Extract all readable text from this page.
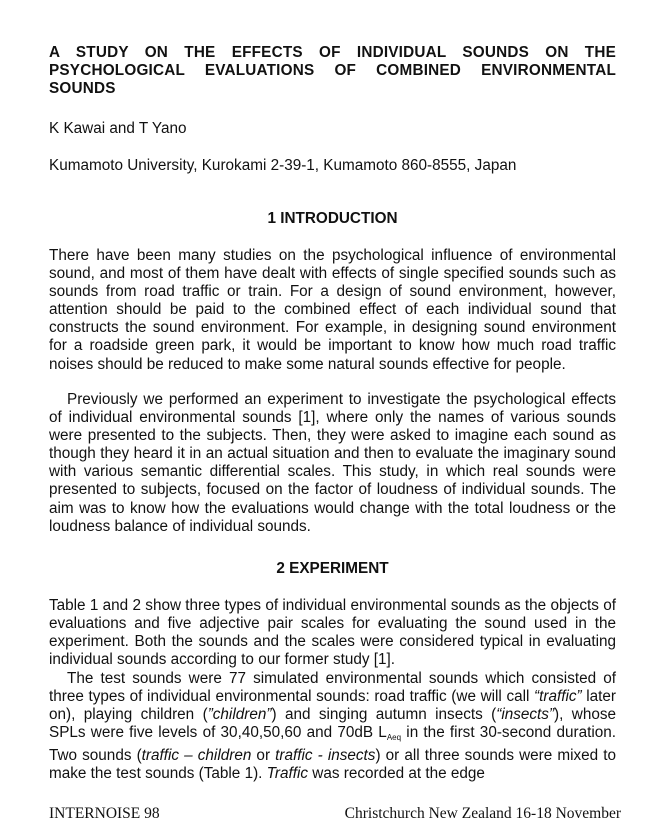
A STUDY ON THE EFFECTS OF INDIVIDUAL SOUNDS ON THE

PSYCHOLOGICAL EVALUATIONS OF COMBINED ENVIRONMENTAL

SOUNDS

K Kawai and T Yano
Kumamoto University, Kurokami 2-39-1, Kumamoto 860-8555, Japan
1 INTRODUCTION

There have been many studies on the psychological influence of environmental sound, and most of them have dealt with effects of single specified sounds such as sounds from road traffic or train. For a design of sound environment, however, attention should be paid to the combined effect of each individual sound that constructs the sound environment. For example, in designing sound environment for a roadside green park, it would be important to know how much road traffic noises should be reduced to make some natural sounds effective for people.

Previously we performed an experiment to investigate the psychological effects of individual environmental sounds [1], where only the names of various sounds were presented to the subjects. Then, they were asked to imagine each sound as though they heard it in an actual situation and then to evaluate the imaginary sound with various semantic differential scales. This study, in which real sounds were presented to subjects, focused on the factor of loudness of individual sounds. The aim was to know how the evaluations would change with the total loudness or the loudness balance of individual sounds.

2 EXPERIMENT

Table 1 and 2 show three types of individual environmental sounds as the objects of evaluations and five adjective pair scales for evaluating the sound used in the experiment. Both the sounds and the scales were considered typical in evaluating individual sounds according to our former study [1].

The test sounds were 77 simulated environmental sounds which consisted of three types of individual environmental sounds: road traffic (we will call “traffic” later on), playing children (”children”) and singing autumn insects (“insects”), whose SPLs were five levels of 30,40,50,60 and 70dB $L_{Aeq}$ in the first 30-second duration. Two sounds (traffic – children or traffic - insects) or all three sounds were mixed to make the test sounds (Table 1). Traffic was recorded at the edge

INTERNOISE 98	Christchurch New Zealand 16-18 November
